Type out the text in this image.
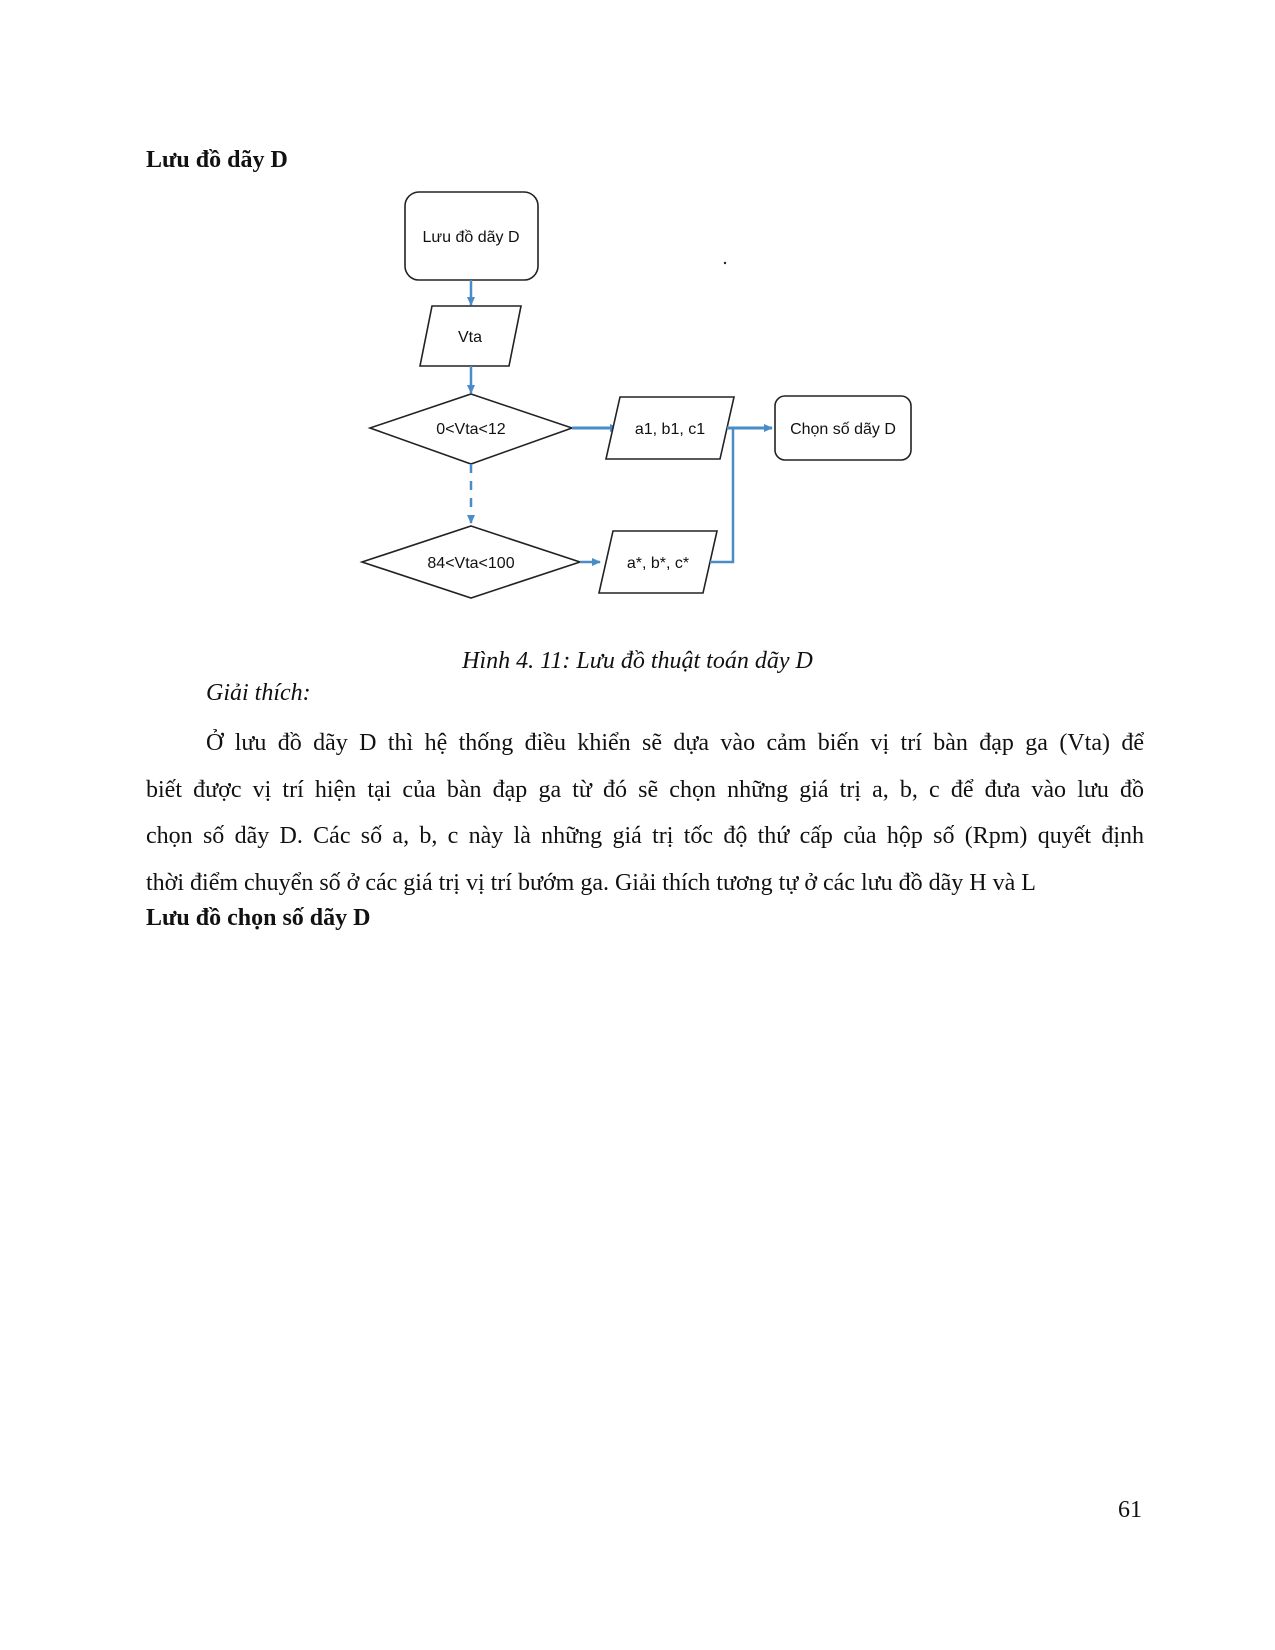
Lưu đồ dãy D
Lưu đồ dãy D
Vta
0<Vta<12	a1, b1, c1	Chọn số dãy D
84<Vta<100	a*, b*, c*
Hình 4. 11: Lưu đồ thuật toán dãy D
Giải thích:

Ở lưu đồ dãy D thì hệ thống điều khiển sẽ dựa vào cảm biến vị trí bàn đạp ga (Vta) để
biết được vị trí hiện tại của bàn đạp ga từ đó sẽ chọn những giá trị a, b, c để đưa vào lưu đồ
chọn số dãy D. Các số a, b, c này là những giá trị tốc độ thứ cấp của hộp số (Rpm) quyết định
thời điểm chuyển số ở các giá trị vị trí bướm ga. Giải thích tương tự ở các lưu đồ dãy H và L

Lưu đồ chọn số dãy D
61
